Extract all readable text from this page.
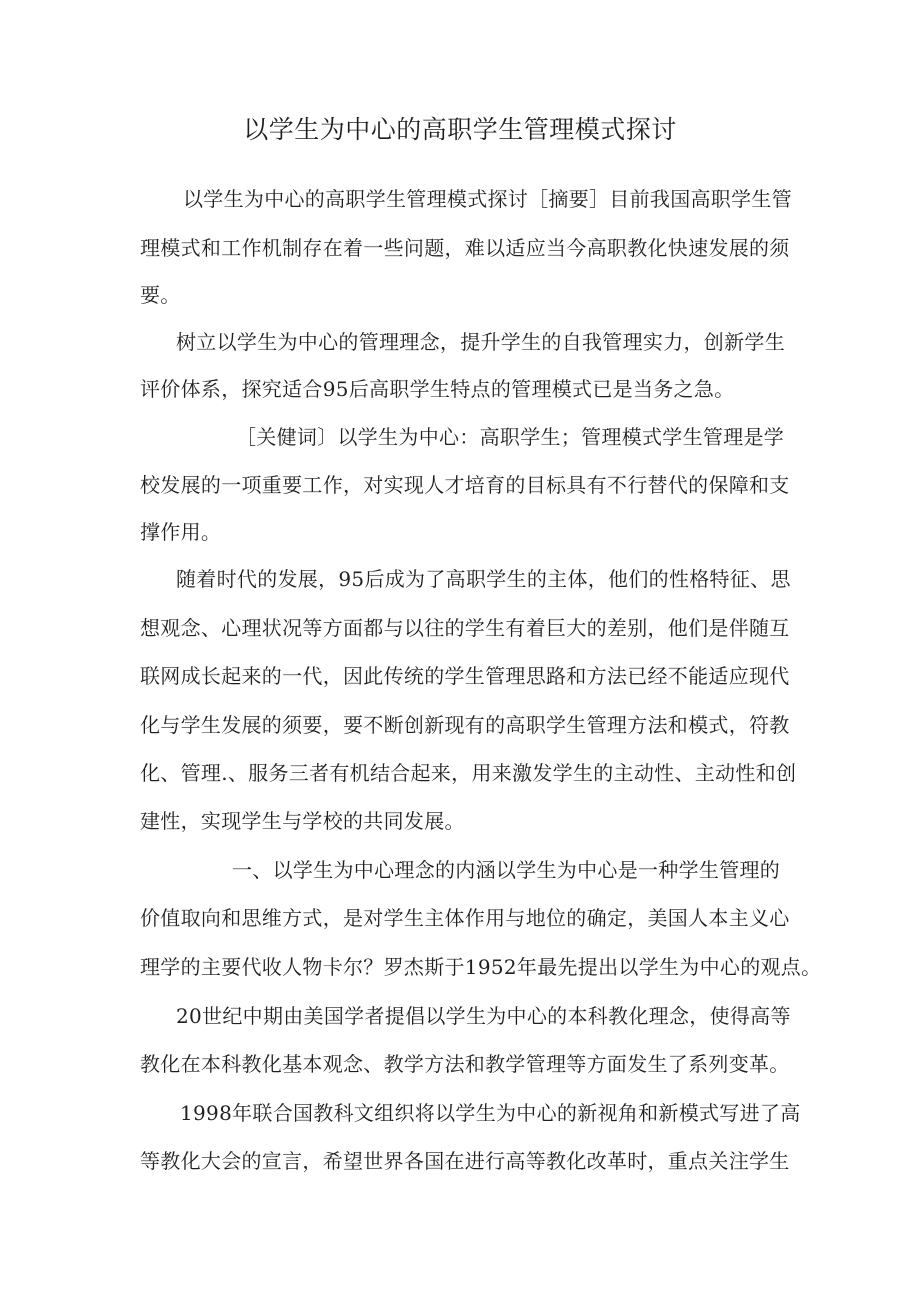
以学生为中心的高职学生管理模式探讨
以学生为中心的高职学生管理模式探讨［摘要］目前我国高职学生管
理模式和工作机制存在着一些问题，难以适应当今高职教化快速发展的须
要。
树立以学生为中心的管理理念，提升学生的自我管理实力，创新学生
评价体系，探究适合95后高职学生特点的管理模式已是当务之急。
［关健词〕以学生为中心：高职学生；管理模式学生管理是学
校发展的一项重要工作，对实现人才培育的目标具有不行替代的保障和支
撑作用。
随着时代的发展，95后成为了高职学生的主体，他们的性格特征、思
想观念、心理状况等方面都与以往的学生有着巨大的差别，他们是伴随互
联网成长起来的一代，因此传统的学生管理思路和方法已经不能适应现代
化与学生发展的须要，要不断创新现有的高职学生管理方法和模式，符教
化、管理.、服务三者有机结合起来，用来激发学生的主动性、主动性和创
建性，实现学生与学校的共同发展。
一、以学生为中心理念的内涵以学生为中心是一种学生管理的
价值取向和思维方式，是对学生主体作用与地位的确定，美国人本主义心
理学的主要代收人物卡尔？罗杰斯于1952年最先提出以学生为中心的观点。
20世纪中期由美国学者提倡以学生为中心的本科教化理念，使得高等
教化在本科教化基本观念、教学方法和教学管理等方面发生了系列变革。
1998年联合国教科文组织将以学生为中心的新视角和新模式写进了高
等教化大会的宣言，希望世界各国在进行高等教化改革时，重点关注学生
